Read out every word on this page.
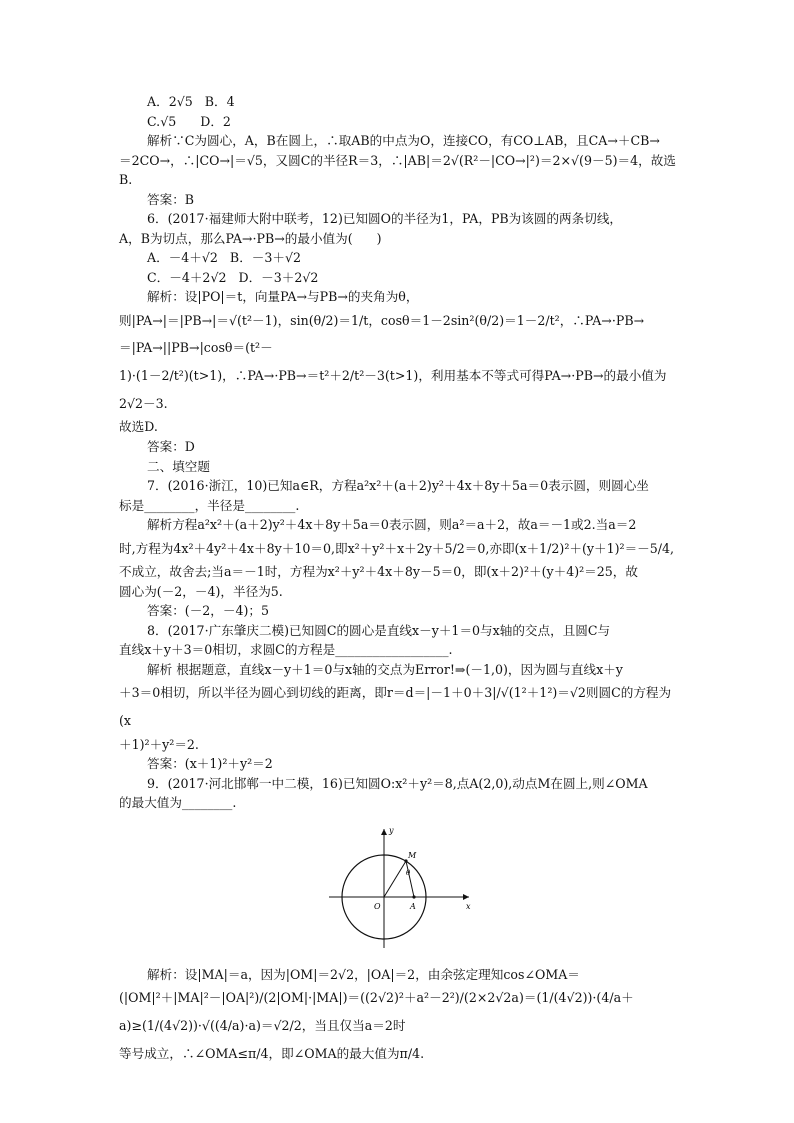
A．2√5   B．4
C.√5      D．2
解析∵C为圆心，A，B在圆上，∴取AB的中点为O，连接CO，有CO⊥AB，且CA→＋CB→
＝2CO→，∴|CO→|＝√5，又圆C的半径R＝3，∴|AB|＝2√(R²－|CO→|²)＝2×√(9－5)＝4，故选B.
答案：B
6．(2017·福建师大附中联考，12)已知圆O的半径为1，PA，PB为该圆的两条切线，
A，B为切点，那么PA→·PB→的最小值为(      )
A．－4＋√2   B．－3＋√2
C．－4＋2√2   D．－3＋2√2
解析：设|PO|＝t，向量PA→与PB→的夹角为θ，
则|PA→|＝|PB→|＝√(t²－1)，sin(θ/2)＝1/t，cosθ＝1－2sin²(θ/2)＝1－2/t²，∴PA→·PB→＝|PA→||PB→|cosθ＝(t²－
1)·(1－2/t²)(t>1)，∴PA→·PB→＝t²＋2/t²－3(t>1)，利用基本不等式可得PA→·PB→的最小值为2√2－3.
故选D.
答案：D
二、填空题
7．(2016·浙江，10)已知a∈R，方程a²x²＋(a＋2)y²＋4x＋8y＋5a＝0表示圆，则圆心坐
标是________，半径是________.
解析方程a²x²＋(a＋2)y²＋4x＋8y＋5a＝0表示圆，则a²＝a＋2，故a＝－1或2.当a＝2
时,方程为4x²＋4y²＋4x＋8y＋10＝0,即x²＋y²＋x＋2y＋5/2＝0,亦即(x＋1/2)²＋(y＋1)²＝－5/4,
不成立，故舍去;当a＝－1时，方程为x²＋y²＋4x＋8y－5＝0，即(x＋2)²＋(y＋4)²＝25，故
圆心为(－2，－4)，半径为5.
答案：(－2，－4)；5
8．(2017·广东肇庆二模)已知圆C的圆心是直线x－y＋1＝0与x轴的交点，且圆C与
直线x＋y＋3＝0相切，求圆C的方程是__________________.
解析 根据题意，直线x－y＋1＝0与x轴的交点为Error!⇒(－1,0)，因为圆与直线x＋y
＋3＝0相切，所以半径为圆心到切线的距离，即r＝d＝|－1＋0＋3|/√(1²＋1²)＝√2则圆C的方程为(x
＋1)²＋y²＝2.
答案：(x＋1)²＋y²＝2
9．(2017·河北邯郸一中二模，16)已知圆O:x²＋y²＝8,点A(2,0),动点M在圆上,则∠OMA
的最大值为________.
x
y
O	A
M
θ
解析：设|MA|＝a，因为|OM|＝2√2，|OA|＝2，由余弦定理知cos∠OMA＝
(|OM|²＋|MA|²－|OA|²)/(2|OM|·|MA|)＝((2√2)²＋a²－2²)/(2×2√2a)＝(1/(4√2))·(4/a＋a)≥(1/(4√2))·√((4/a)·a)＝√2/2，当且仅当a＝2时
等号成立，∴∠OMA≤π/4，即∠OMA的最大值为π/4.
